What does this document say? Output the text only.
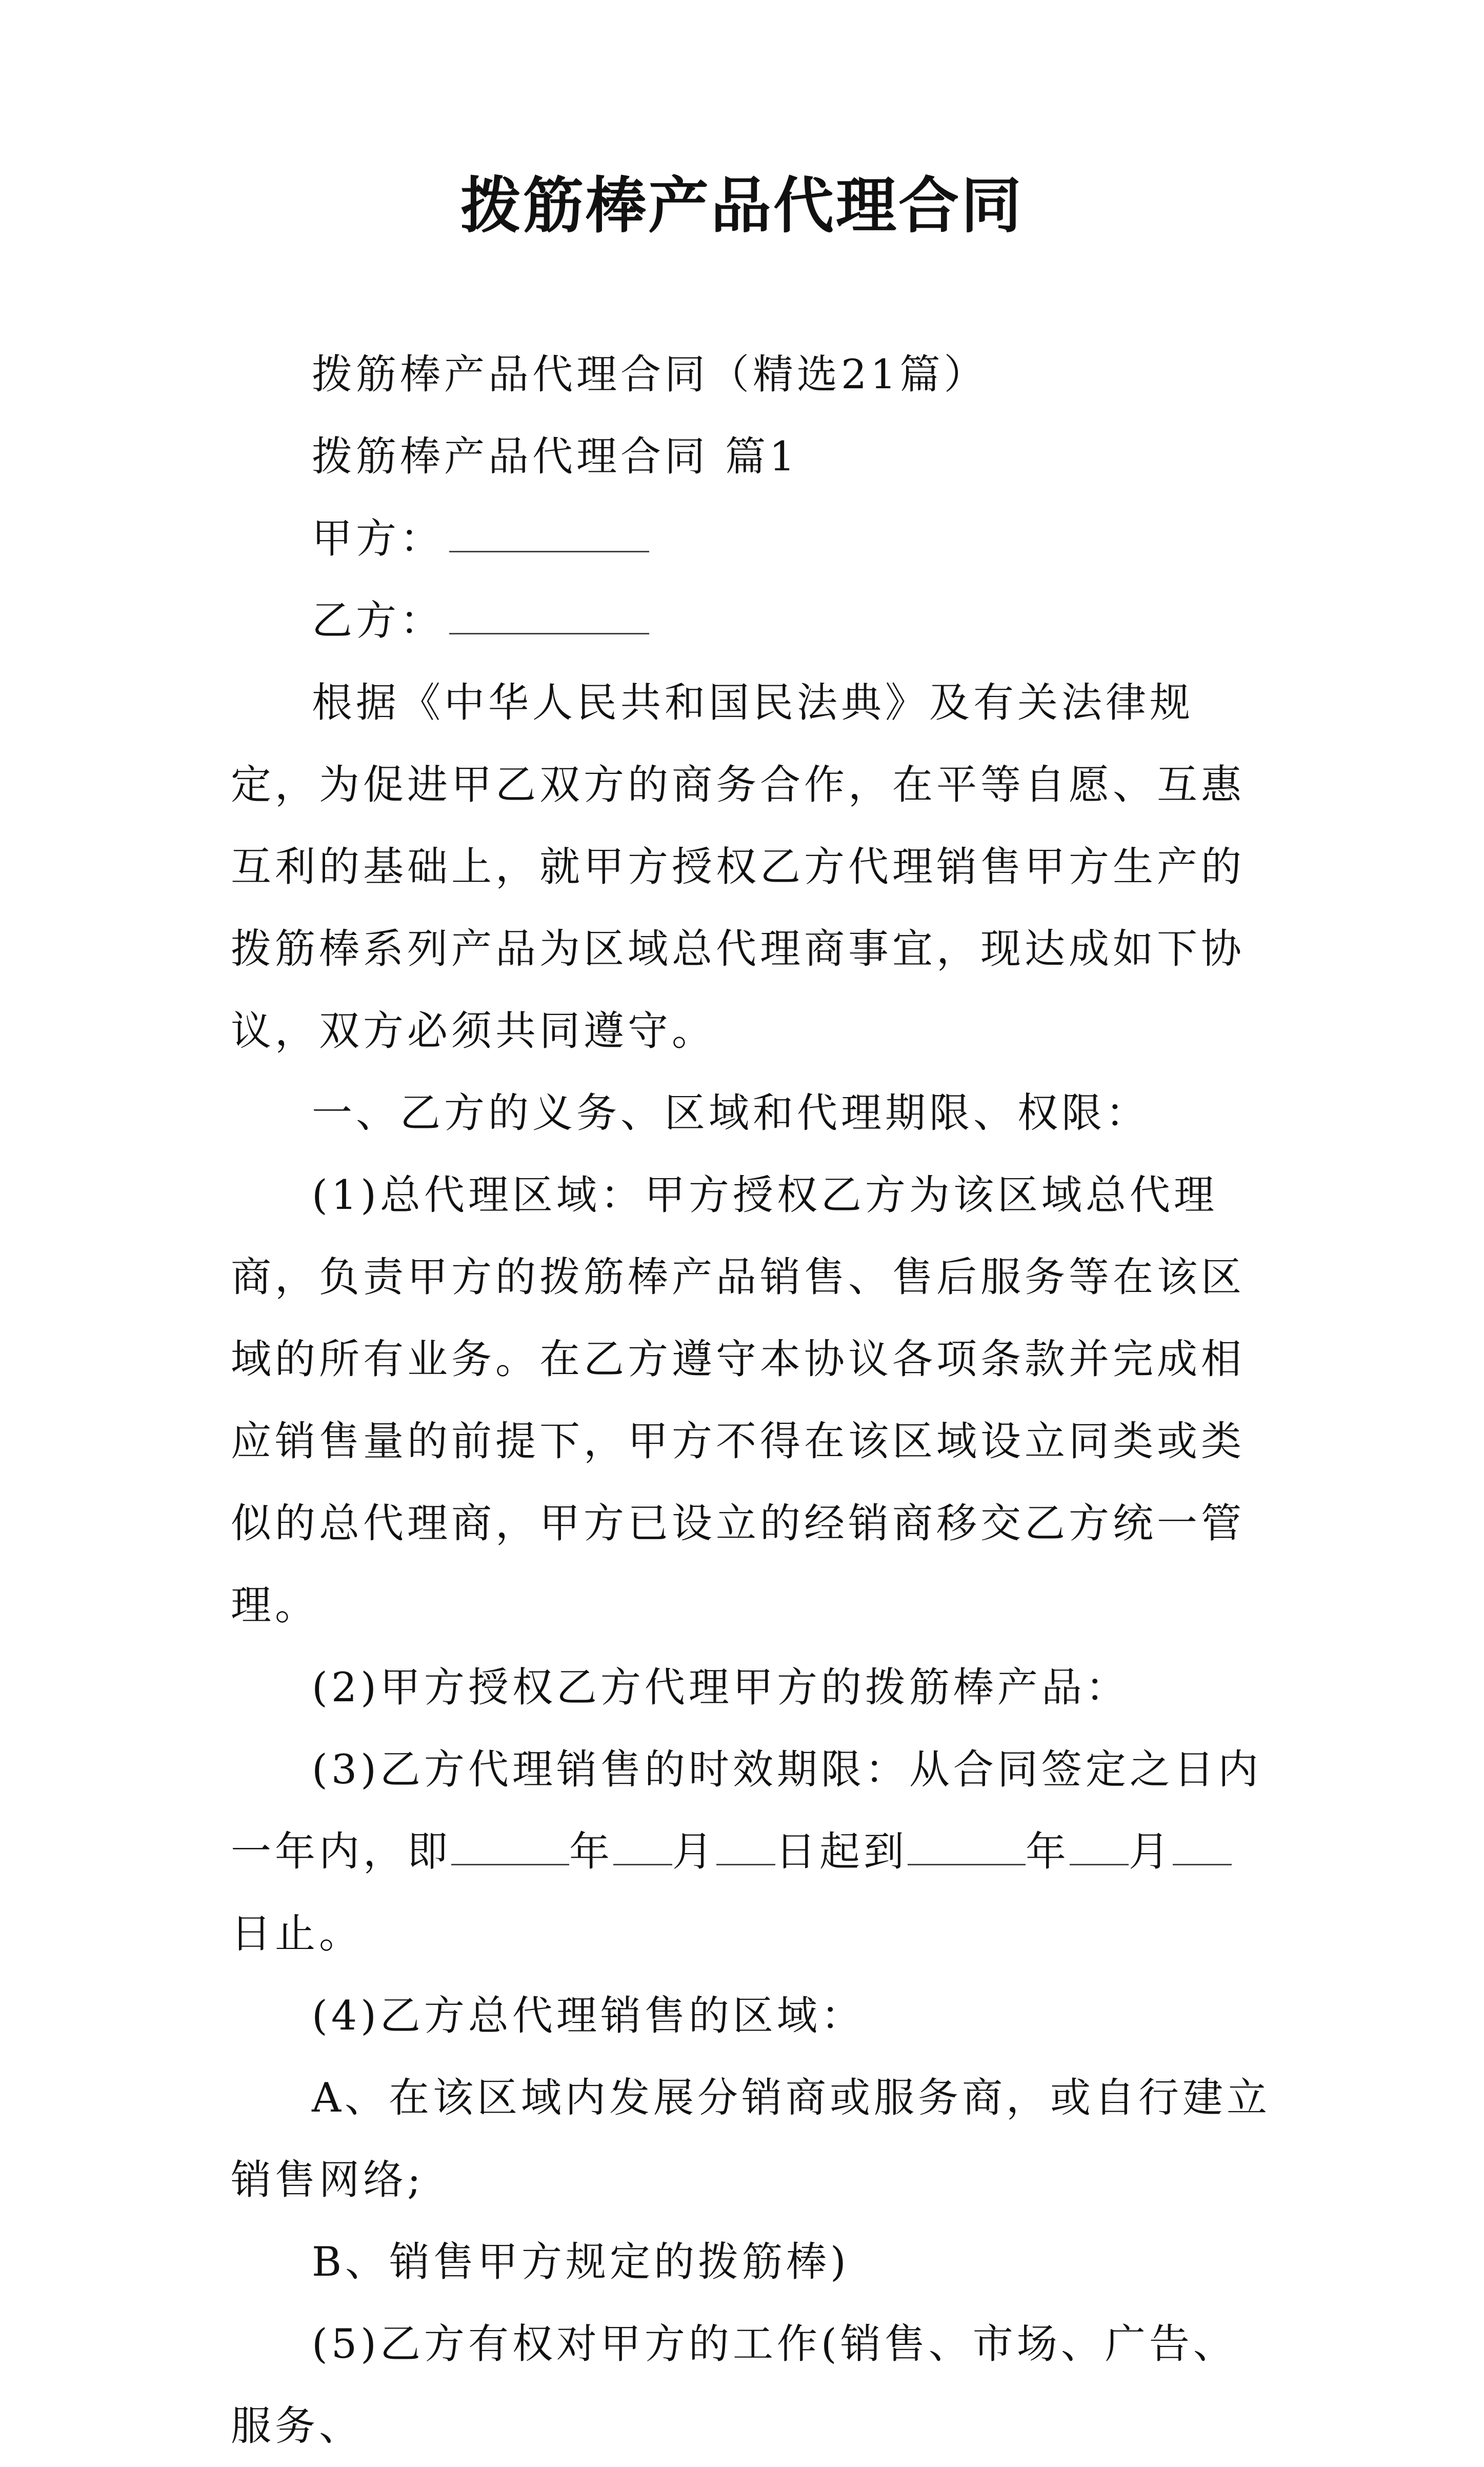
拨筋棒产品代理合同

拨筋棒产品代理合同（精选21篇）

拨筋棒产品代理合同 篇1

甲方：

乙方：

根据《中华人民共和国民法典》及有关法律规定，为促进甲乙双方的商务合作，在平等自愿、互惠互利的基础上，就甲方授权乙方代理销售甲方生产的拨筋棒系列产品为区域总代理商事宜，现达成如下协议，双方必须共同遵守。

一、乙方的义务、区域和代理期限、权限：

(1)总代理区域：甲方授权乙方为该区域总代理商，负责甲方的拨筋棒产品销售、售后服务等在该区域的所有业务。在乙方遵守本协议各项条款并完成相应销售量的前提下，甲方不得在该区域设立同类或类似的总代理商，甲方已设立的经销商移交乙方统一管理。

(2)甲方授权乙方代理甲方的拨筋棒产品：

(3)乙方代理销售的时效期限：从合同签定之日内一年内，即	年 月 日起到	年 月日止。

(4)乙方总代理销售的区域：

A、在该区域内发展分销商或服务商，或自行建立销售网络;

B、销售甲方规定的拨筋棒)

(5)乙方有权对甲方的工作(销售、市场、广告、服务、
